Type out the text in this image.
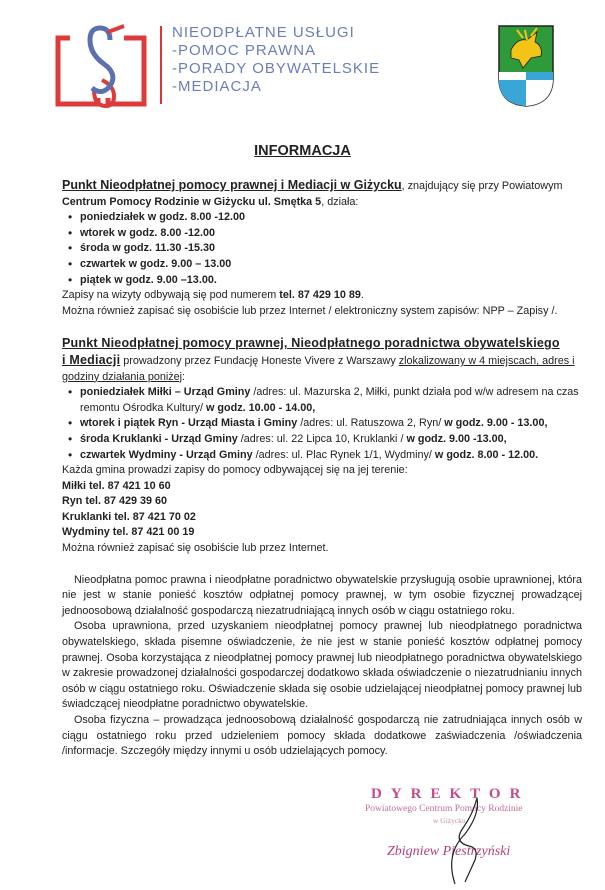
NIEODPŁATNE USŁUGI
-POMOC PRAWNA
-PORADY OBYWATELSKIE
-MEDIACJA
INFORMACJA

Punkt Nieodpłatnej pomocy prawnej i Mediacji w Giżycku, znajdujący się przy Powiatowym
Centrum Pomocy Rodzinie w Giżycku ul. Smętka 5, działa:

• poniedziałek w godz. 8.00 -12.00
• wtorek w godz. 8.00 -12.00
• środa w godz. 11.30 -15.30
• czwartek w godz. 9.00 – 13.00
• piątek w godz. 9.00 –13.00.

Zapisy na wizyty odbywają się pod numerem tel. 87 429 10 89.

Można również zapisać się osobiście lub przez Internet / elektroniczny system zapisów: NPP – Zapisy /.

Punkt Nieodpłatnej pomocy prawnej, Nieodpłatnego poradnictwa obywatelskiego
i Mediacji prowadzony przez Fundację Honeste Vivere z Warszawy zlokalizowany w 4 miejscach, adres i godziny działania poniżej:

• poniedziałek Miłki – Urząd Gminy /adres: ul. Mazurska 2, Miłki, punkt działa pod w/w adresem na czas remontu Ośrodka Kultury/ w godz. 10.00 - 14.00,
• wtorek i piątek Ryn - Urząd Miasta i Gminy /adres: ul. Ratuszowa 2, Ryn/ w godz. 9.00 - 13.00,
• środa Kruklanki - Urząd Gminy /adres: ul. 22 Lipca 10, Kruklanki / w godz. 9.00 -13.00,
• czwartek Wydminy - Urząd Gminy /adres: ul. Plac Rynek 1/1, Wydminy/ w godz. 8.00 - 12.00.

Każda gmina prowadzi zapisy do pomocy odbywającej się na jej terenie:

Miłki tel. 87 421 10 60
Ryn tel. 87 429 39 60
Kruklanki tel. 87 421 70 02
Wydminy tel. 87 421 00 19

Można również zapisać się osobiście lub przez Internet.

Nieodpłatna pomoc prawna i nieodpłatne poradnictwo obywatelskie przysługują osobie uprawnionej, która nie jest w stanie ponieść kosztów odpłatnej pomocy prawnej, w tym osobie fizycznej prowadzącej jednoosobową działalność gospodarczą niezatrudniającą innych osób w ciągu ostatniego roku.

Osoba uprawniona, przed uzyskaniem nieodpłatnej pomocy prawnej lub nieodpłatnego poradnictwa obywatelskiego, składa pisemne oświadczenie, że nie jest w stanie ponieść kosztów odpłatnej pomocy prawnej. Osoba korzystająca z nieodpłatnej pomocy prawnej lub nieodpłatnego poradnictwa obywatelskiego w zakresie prowadzonej działalności gospodarczej dodatkowo składa oświadczenie o niezatrudnianiu innych osób w ciągu ostatniego roku. Oświadczenie składa się osobie udzielającej nieodpłatnej pomocy prawnej lub świadczącej nieodpłatne poradnictwo obywatelskie.

Osoba fizyczna – prowadząca jednoosobową działalność gospodarczą nie zatrudniająca innych osób w ciągu ostatniego roku przed udzieleniem pomocy składa dodatkowe zaświadczenia /oświadczenia /informacje. Szczegóły między innymi u osób udzielających pomocy.

DYREKTOR
Powiatowego Centrum Pomocy Rodzinie
w Giżycku
Zbigniew Piestrzyński
